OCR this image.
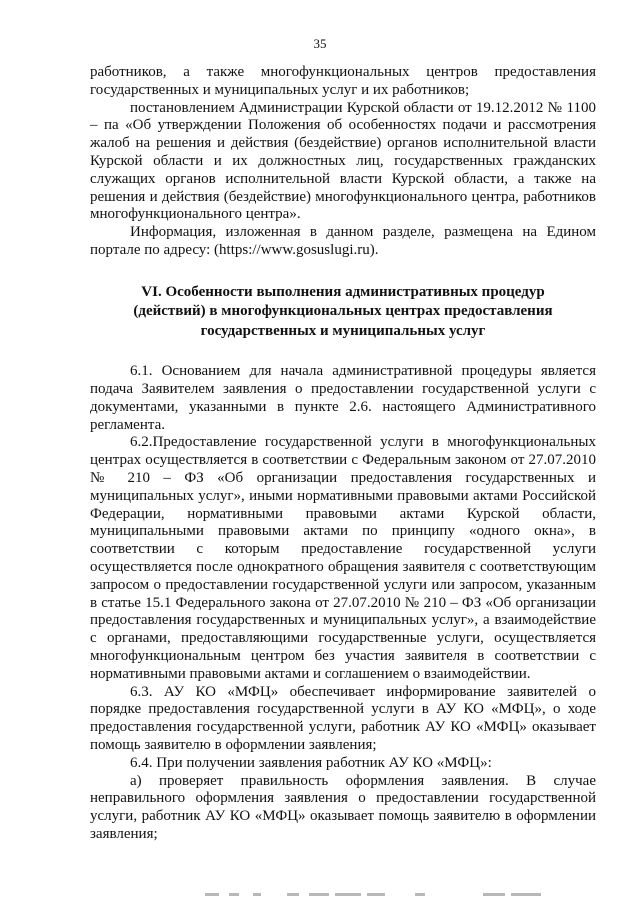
35

работников, а также многофункциональных центров предоставления государственных и муниципальных услуг и их работников;

постановлением Администрации Курской области от 19.12.2012 № 1100 – па «Об утверждении Положения об особенностях подачи и рассмотрения жалоб на решения и действия (бездействие) органов исполнительной власти Курской области и их должностных лиц, государственных гражданских служащих органов исполнительной власти Курской области, а также на решения и действия (бездействие) многофункционального центра, работников многофункционального центра».

Информация, изложенная в данном разделе, размещена на Едином портале по адресу: (https://www.gosuslugi.ru).

VI. Особенности выполнения административных процедур (действий) в многофункциональных центрах предоставления государственных и муниципальных услуг

6.1. Основанием для начала административной процедуры является подача Заявителем заявления о предоставлении государственной услуги с документами, указанными в пункте 2.6. настоящего Административного регламента.

6.2.Предоставление государственной услуги в многофункциональных центрах осуществляется в соответствии с Федеральным законом от 27.07.2010 № 210 – ФЗ «Об организации предоставления государственных и муниципальных услуг», иными нормативными правовыми актами Российской Федерации, нормативными правовыми актами Курской области, муниципальными правовыми актами по принципу «одного окна», в соответствии с которым предоставление государственной услуги осуществляется после однократного обращения заявителя с соответствующим запросом о предоставлении государственной услуги или запросом, указанным в статье 15.1 Федерального закона от 27.07.2010 № 210 – ФЗ «Об организации предоставления государственных и муниципальных услуг», а взаимодействие с органами, предоставляющими государственные услуги, осуществляется многофункциональным центром без участия заявителя в соответствии с нормативными правовыми актами и соглашением о взаимодействии.

6.3. АУ КО «МФЦ» обеспечивает информирование заявителей о порядке предоставления государственной услуги в АУ КО «МФЦ», о ходе предоставления государственной услуги, работник АУ КО «МФЦ» оказывает помощь заявителю в оформлении заявления;

6.4. При получении заявления работник АУ КО «МФЦ»:

а) проверяет правильность оформления заявления. В случае неправильного оформления заявления о предоставлении государственной услуги, работник АУ КО «МФЦ» оказывает помощь заявителю в оформлении заявления;
